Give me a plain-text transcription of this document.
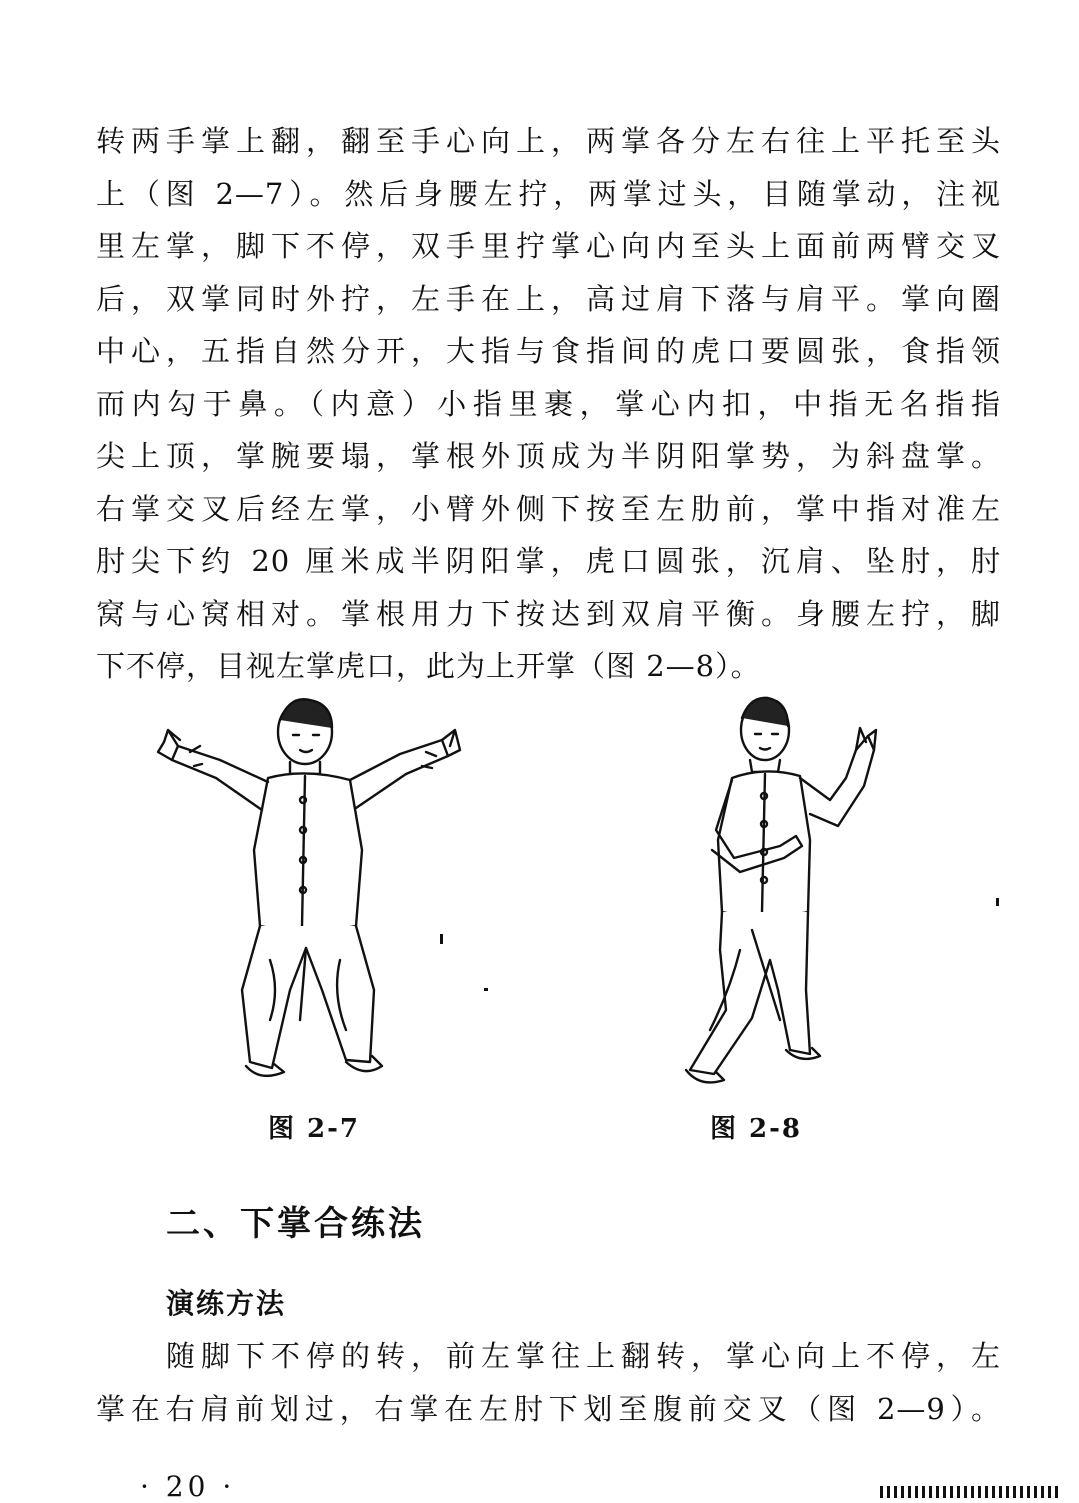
转两手掌上翻，翻至手心向上，两掌各分左右往上平托至头
上（图 2—7）。然后身腰左拧，两掌过头，目随掌动，注视
里左掌，脚下不停，双手里拧掌心向内至头上面前两臂交叉
后，双掌同时外拧，左手在上，高过肩下落与肩平。掌向圈
中心，五指自然分开，大指与食指间的虎口要圆张，食指领
而内勾于鼻。（内意）小指里裹，掌心内扣，中指无名指指
尖上顶，掌腕要塌，掌根外顶成为半阴阳掌势，为斜盘掌。
右掌交叉后经左掌，小臂外侧下按至左肋前，掌中指对准左
肘尖下约 20 厘米成半阴阳掌，虎口圆张，沉肩、坠肘，肘
窝与心窝相对。掌根用力下按达到双肩平衡。身腰左拧，脚
下不停，目视左掌虎口，此为上开掌（图 2—8）。
图 2-7	图 2-8
二、下掌合练法
演练方法
随脚下不停的转，前左掌往上翻转，掌心向上不停，左
掌在右肩前划过，右掌在左肘下划至腹前交叉（图 2—9）。
· 20 ·
